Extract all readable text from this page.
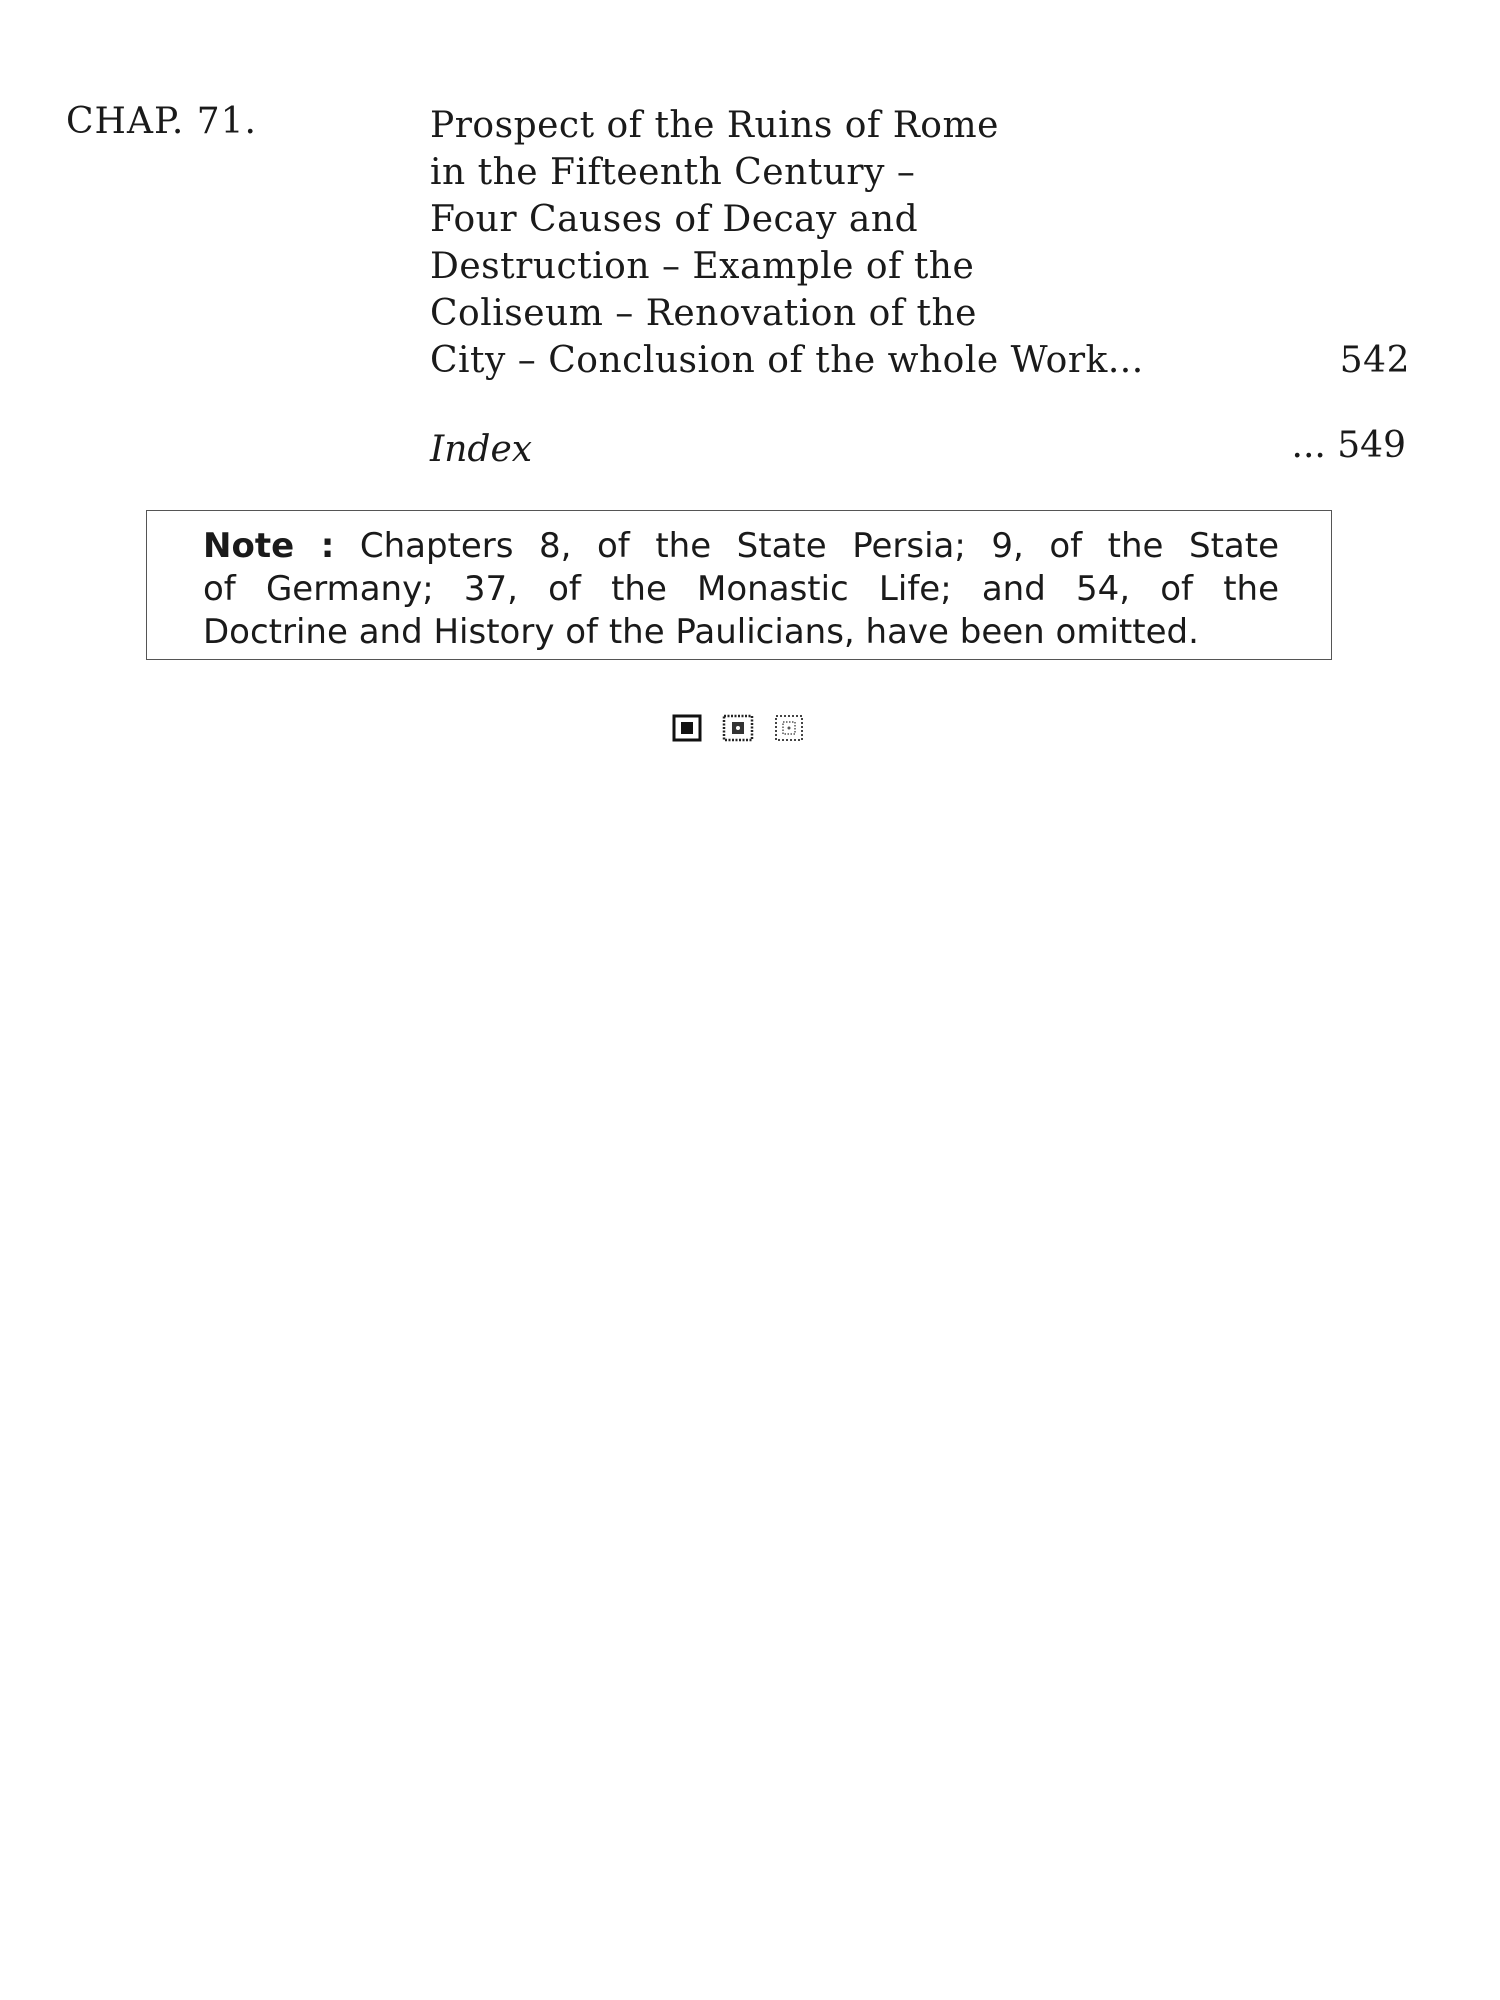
CHAP. 71.	Prospect of the Ruins of Rome
in the Fifteenth Century –
Four Causes of Decay and
Destruction – Example of the
Coliseum – Renovation of the
City – Conclusion of the whole Work...	542
Index	... 549
Note : Chapters 8, of the State Persia; 9, of the State
of Germany; 37, of the Monastic Life; and 54, of the
Doctrine and History of the Paulicians, have been omitted.
